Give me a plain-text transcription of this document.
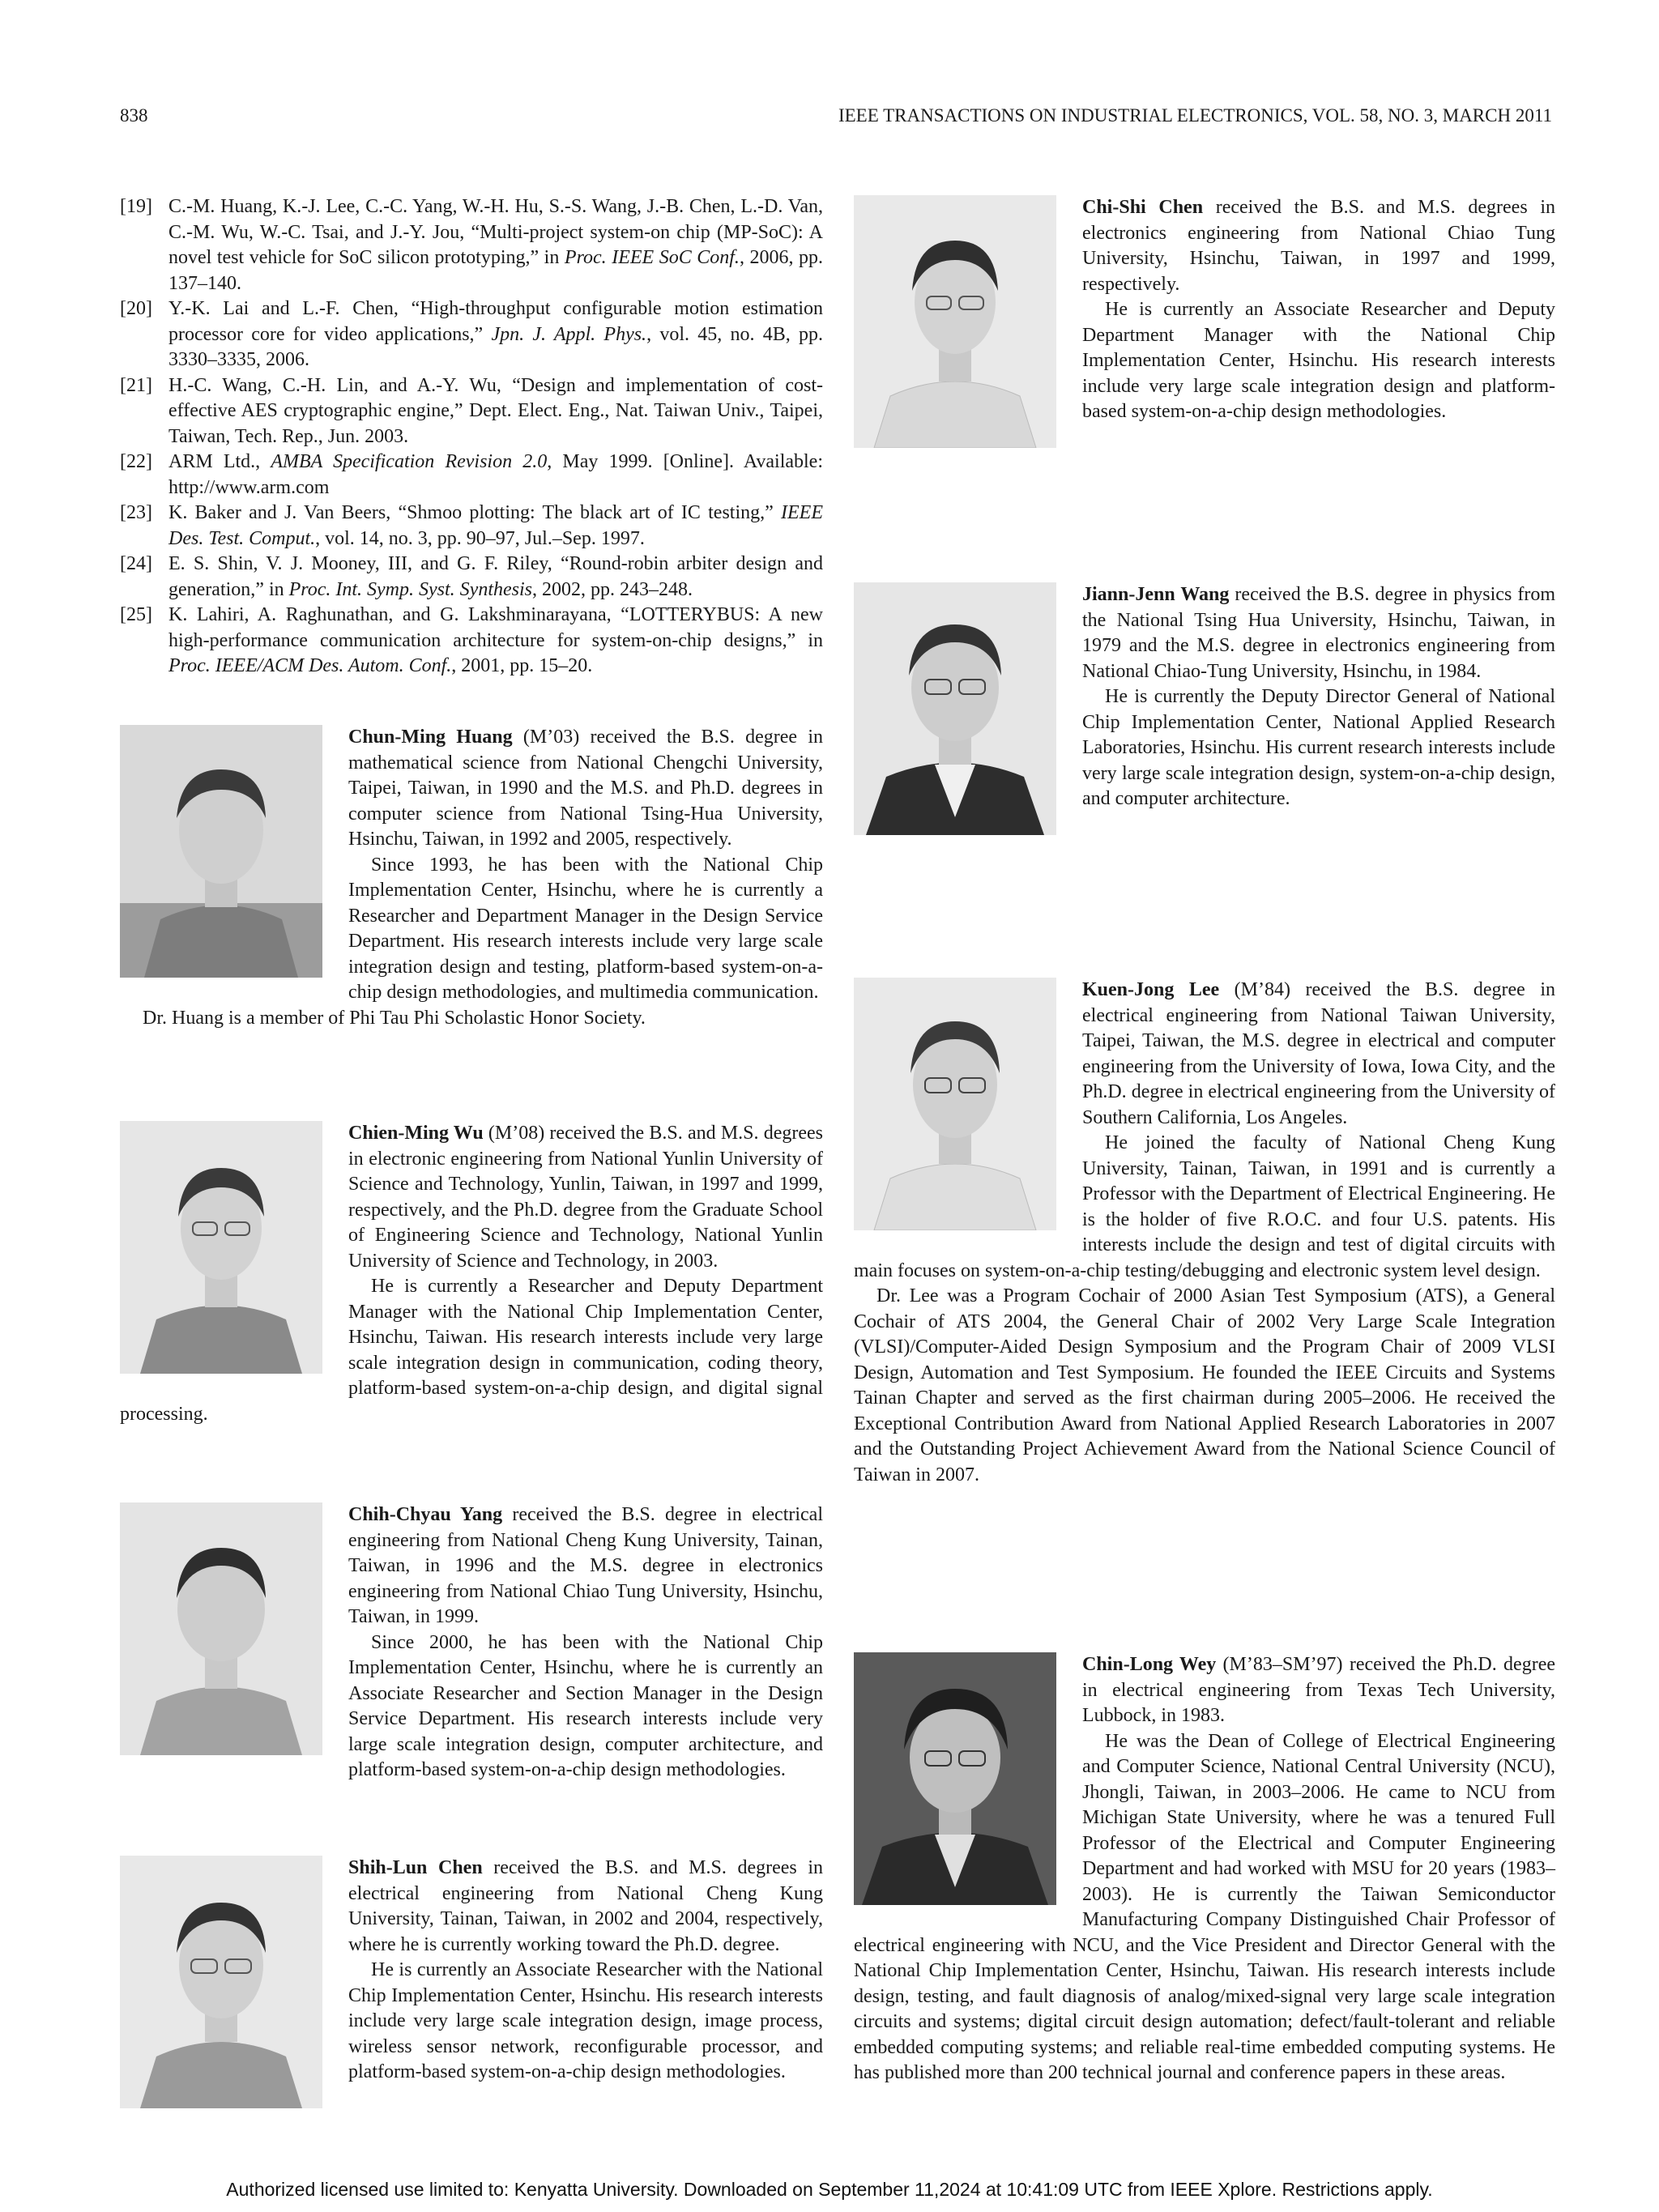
838	IEEE TRANSACTIONS ON INDUSTRIAL ELECTRONICS, VOL. 58, NO. 3, MARCH 2011

[19] C.-M. Huang, K.-J. Lee, C.-C. Yang, W.-H. Hu, S.-S. Wang, J.-B. Chen, L.-D. Van, C.-M. Wu, W.-C. Tsai, and J.-Y. Jou, “Multi-project system-on chip (MP-SoC): A novel test vehicle for SoC silicon prototyping,” in Proc. IEEE SoC Conf., 2006, pp. 137–140.

[20] Y.-K. Lai and L.-F. Chen, “High-throughput configurable motion estimation processor core for video applications,” Jpn. J. Appl. Phys., vol. 45, no. 4B, pp. 3330–3335, 2006.

[21] H.-C. Wang, C.-H. Lin, and A.-Y. Wu, “Design and implementation of cost-effective AES cryptographic engine,” Dept. Elect. Eng., Nat. Taiwan Univ., Taipei, Taiwan, Tech. Rep., Jun. 2003.

[22] ARM Ltd., AMBA Specification Revision 2.0, May 1999. [Online]. Available: http://www.arm.com

[23] K. Baker and J. Van Beers, “Shmoo plotting: The black art of IC testing,” IEEE Des. Test. Comput., vol. 14, no. 3, pp. 90–97, Jul.–Sep. 1997.

[24] E. S. Shin, V. J. Mooney, III, and G. F. Riley, “Round-robin arbiter design and generation,” in Proc. Int. Symp. Syst. Synthesis, 2002, pp. 243–248.

[25] K. Lahiri, A. Raghunathan, and G. Lakshminarayana, “LOTTERYBUS: A new high-performance communication architecture for system-on-chip designs,” in Proc. IEEE/ACM Des. Autom. Conf., 2001, pp. 15–20.

Chun-Ming Huang (M’03) received the B.S. degree in mathematical science from National Chengchi University, Taipei, Taiwan, in 1990 and the M.S. and Ph.D. degrees in computer science from National Tsing-Hua University, Hsinchu, Taiwan, in 1992 and 2005, respectively.

Since 1993, he has been with the National Chip Implementation Center, Hsinchu, where he is currently a Researcher and Department Manager in the Design Service Department. His research interests include very large scale integration design and testing, platform-based system-on-a-chip design methodologies, and multimedia communication.

Dr. Huang is a member of Phi Tau Phi Scholastic Honor Society.

Chien-Ming Wu (M’08) received the B.S. and M.S. degrees in electronic engineering from National Yunlin University of Science and Technology, Yunlin, Taiwan, in 1997 and 1999, respectively, and the Ph.D. degree from the Graduate School of Engineering Science and Technology, National Yunlin University of Science and Technology, in 2003.

He is currently a Researcher and Deputy Department Manager with the National Chip Implementation Center, Hsinchu, Taiwan. His research interests include very large scale integration design in communication, coding theory, platform-based system-on-a-chip design, and digital signal processing.

Chih-Chyau Yang received the B.S. degree in electrical engineering from National Cheng Kung University, Tainan, Taiwan, in 1996 and the M.S. degree in electronics engineering from National Chiao Tung University, Hsinchu, Taiwan, in 1999.

Since 2000, he has been with the National Chip Implementation Center, Hsinchu, where he is currently an Associate Researcher and Section Manager in the Design Service Department. His research interests include very large scale integration design, computer architecture, and platform-based system-on-a-chip design methodologies.

Shih-Lun Chen received the B.S. and M.S. degrees in electrical engineering from National Cheng Kung University, Tainan, Taiwan, in 2002 and 2004, respectively, where he is currently working toward the Ph.D. degree.

He is currently an Associate Researcher with the National Chip Implementation Center, Hsinchu. His research interests include very large scale integration design, image process, wireless sensor network, reconfigurable processor, and platform-based system-on-a-chip design methodologies.

Chi-Shi Chen received the B.S. and M.S. degrees in electronics engineering from National Chiao Tung University, Hsinchu, Taiwan, in 1997 and 1999, respectively.

He is currently an Associate Researcher and Deputy Department Manager with the National Chip Implementation Center, Hsinchu. His research interests include very large scale integration design and platform-based system-on-a-chip design methodologies.

Jiann-Jenn Wang received the B.S. degree in physics from the National Tsing Hua University, Hsinchu, Taiwan, in 1979 and the M.S. degree in electronics engineering from National Chiao-Tung University, Hsinchu, in 1984.

He is currently the Deputy Director General of National Chip Implementation Center, National Applied Research Laboratories, Hsinchu. His current research interests include very large scale integration design, system-on-a-chip design, and computer architecture.

Kuen-Jong Lee (M’84) received the B.S. degree in electrical engineering from National Taiwan University, Taipei, Taiwan, the M.S. degree in electrical and computer engineering from the University of Iowa, Iowa City, and the Ph.D. degree in electrical engineering from the University of Southern California, Los Angeles.

He joined the faculty of National Cheng Kung University, Tainan, Taiwan, in 1991 and is currently a Professor with the Department of Electrical Engineering. He is the holder of five R.O.C. and four U.S. patents. His interests include the design and test of digital circuits with main focuses on system-on-a-chip testing/debugging and electronic system level design.

Dr. Lee was a Program Cochair of 2000 Asian Test Symposium (ATS), a General Cochair of ATS 2004, the General Chair of 2002 Very Large Scale Integration (VLSI)/Computer-Aided Design Symposium and the Program Chair of 2009 VLSI Design, Automation and Test Symposium. He founded the IEEE Circuits and Systems Tainan Chapter and served as the first chairman during 2005–2006. He received the Exceptional Contribution Award from National Applied Research Laboratories in 2007 and the Outstanding Project Achievement Award from the National Science Council of Taiwan in 2007.

Chin-Long Wey (M’83–SM’97) received the Ph.D. degree in electrical engineering from Texas Tech University, Lubbock, in 1983.

He was the Dean of College of Electrical Engineering and Computer Science, National Central University (NCU), Jhongli, Taiwan, in 2003–2006. He came to NCU from Michigan State University, where he was a tenured Full Professor of the Electrical and Computer Engineering Department and had worked with MSU for 20 years (1983–2003). He is currently the Taiwan Semiconductor Manufacturing Company Distinguished Chair Professor of electrical engineering with NCU, and the Vice President and Director General with the National Chip Implementation Center, Hsinchu, Taiwan. His research interests include design, testing, and fault diagnosis of analog/mixed-signal very large scale integration circuits and systems; digital circuit design automation; defect/fault-tolerant and reliable embedded computing systems; and reliable real-time embedded computing systems. He has published more than 200 technical journal and conference papers in these areas.

Authorized licensed use limited to: Kenyatta University. Downloaded on September 11,2024 at 10:41:09 UTC from IEEE Xplore. Restrictions apply.
